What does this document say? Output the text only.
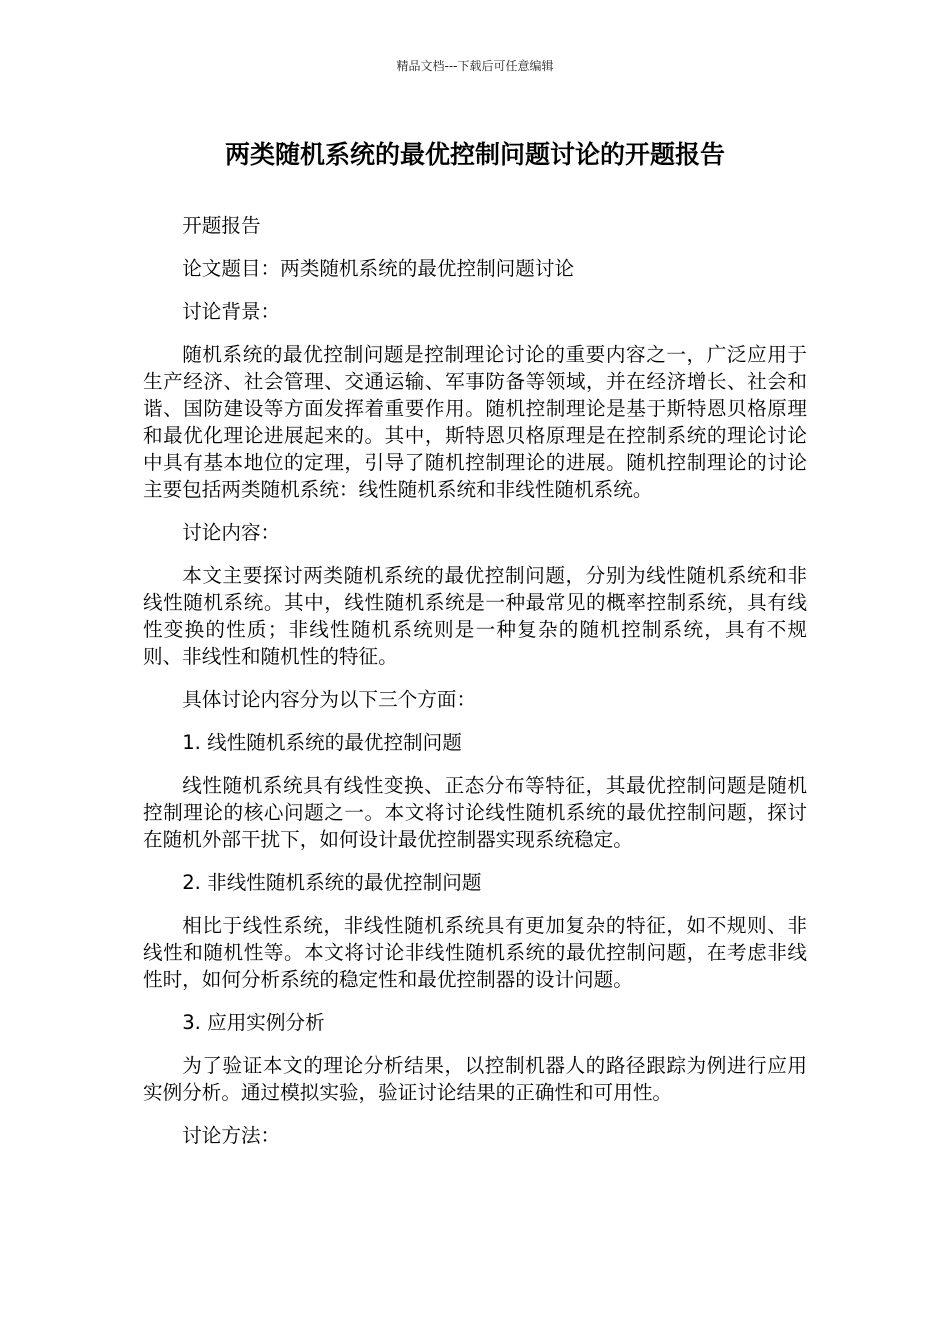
精品文档---下载后可任意编辑
两类随机系统的最优控制问题讨论的开题报告

开题报告

论文题目：两类随机系统的最优控制问题讨论

讨论背景：

随机系统的最优控制问题是控制理论讨论的重要内容之一，广泛应用于生产经济、社会管理、交通运输、军事防备等领域，并在经济增长、社会和谐、国防建设等方面发挥着重要作用。随机控制理论是基于斯特恩贝格原理和最优化理论进展起来的。其中，斯特恩贝格原理是在控制系统的理论讨论中具有基本地位的定理，引导了随机控制理论的进展。随机控制理论的讨论主要包括两类随机系统：线性随机系统和非线性随机系统。

讨论内容：

本文主要探讨两类随机系统的最优控制问题，分别为线性随机系统和非线性随机系统。其中，线性随机系统是一种最常见的概率控制系统，具有线性变换的性质；非线性随机系统则是一种复杂的随机控制系统，具有不规则、非线性和随机性的特征。

具体讨论内容分为以下三个方面：

1. 线性随机系统的最优控制问题

线性随机系统具有线性变换、正态分布等特征，其最优控制问题是随机控制理论的核心问题之一。本文将讨论线性随机系统的最优控制问题，探讨在随机外部干扰下，如何设计最优控制器实现系统稳定。

2. 非线性随机系统的最优控制问题

相比于线性系统，非线性随机系统具有更加复杂的特征，如不规则、非线性和随机性等。本文将讨论非线性随机系统的最优控制问题，在考虑非线性时，如何分析系统的稳定性和最优控制器的设计问题。

3. 应用实例分析

为了验证本文的理论分析结果，以控制机器人的路径跟踪为例进行应用实例分析。通过模拟实验，验证讨论结果的正确性和可用性。

讨论方法：
